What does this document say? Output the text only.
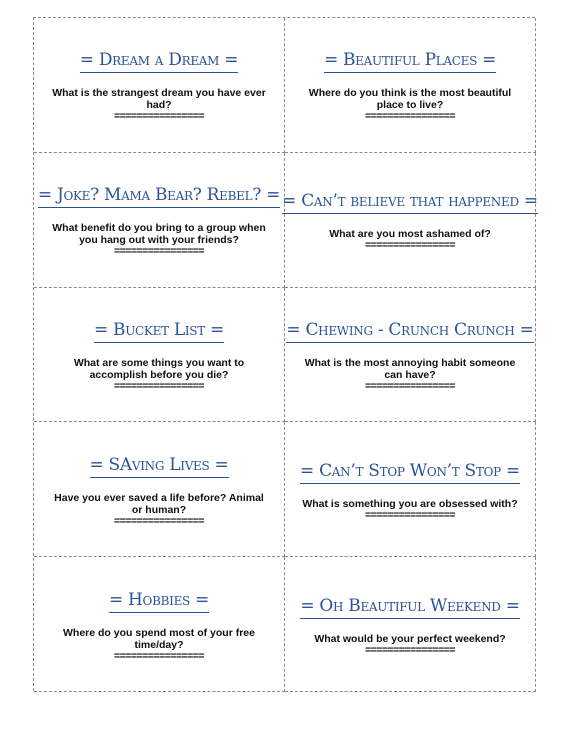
= Dream a Dream =
What is the strangest dream you have ever had?
================
= Beautiful Places =
Where do you think is the most beautiful place to live?
================
= Joke? Mama Bear? Rebel? =
What benefit do you bring to a group when you hang out with your friends?
================
= Can’t believe that happened =
What are you most ashamed of?
================
= Bucket List =
What are some things you want to accomplish before you die?
================
= Chewing - Crunch Crunch =
What is the most annoying habit someone can have?
================
= SAving Lives =
Have you ever saved a life before? Animal or human?
================
= Can’t Stop Won’t Stop =
What is something you are obsessed with?
================
= Hobbies =
Where do you spend most of your free time/day?
================
= Oh Beautiful Weekend =
What would be your perfect weekend?
================
